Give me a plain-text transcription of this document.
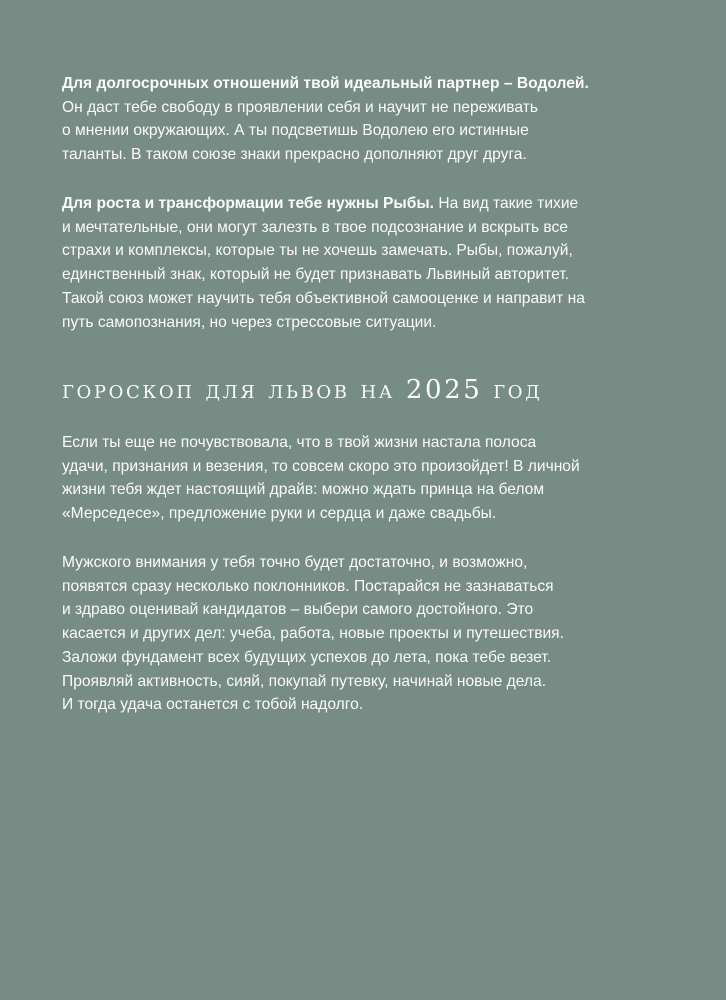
Для долгосрочных отношений твой идеальный партнер – Водолей.
Он даст тебе свободу в проявлении себя и научит не переживать
о мнении окружающих. А ты подсветишь Водолею его истинные
таланты. В таком союзе знаки прекрасно дополняют друг друга.
Для роста и трансформации тебе нужны Рыбы. На вид такие тихие
и мечтательные, они могут залезть в твое подсознание и вскрыть все
страхи и комплексы, которые ты не хочешь замечать. Рыбы, пожалуй,
единственный знак, который не будет признавать Львиный авторитет.
Такой союз может научить тебя объективной самооценке и направит на
путь самопознания, но через стрессовые ситуации.
гороскоп для львов на 2025 год
Если ты еще не почувствовала, что в твой жизни настала полоса
удачи, признания и везения, то совсем скоро это произойдет! В личной
жизни тебя ждет настоящий драйв: можно ждать принца на белом
«Мерседесе», предложение руки и сердца и даже свадьбы.
Мужского внимания у тебя точно будет достаточно, и возможно,
появятся сразу несколько поклонников. Постарайся не зазнаваться
и здраво оценивай кандидатов – выбери самого достойного. Это
касается и других дел: учеба, работа, новые проекты и путешествия.
Заложи фундамент всех будущих успехов до лета, пока тебе везет.
Проявляй активность, сияй, покупай путевку, начинай новые дела.
И тогда удача останется с тобой надолго.
